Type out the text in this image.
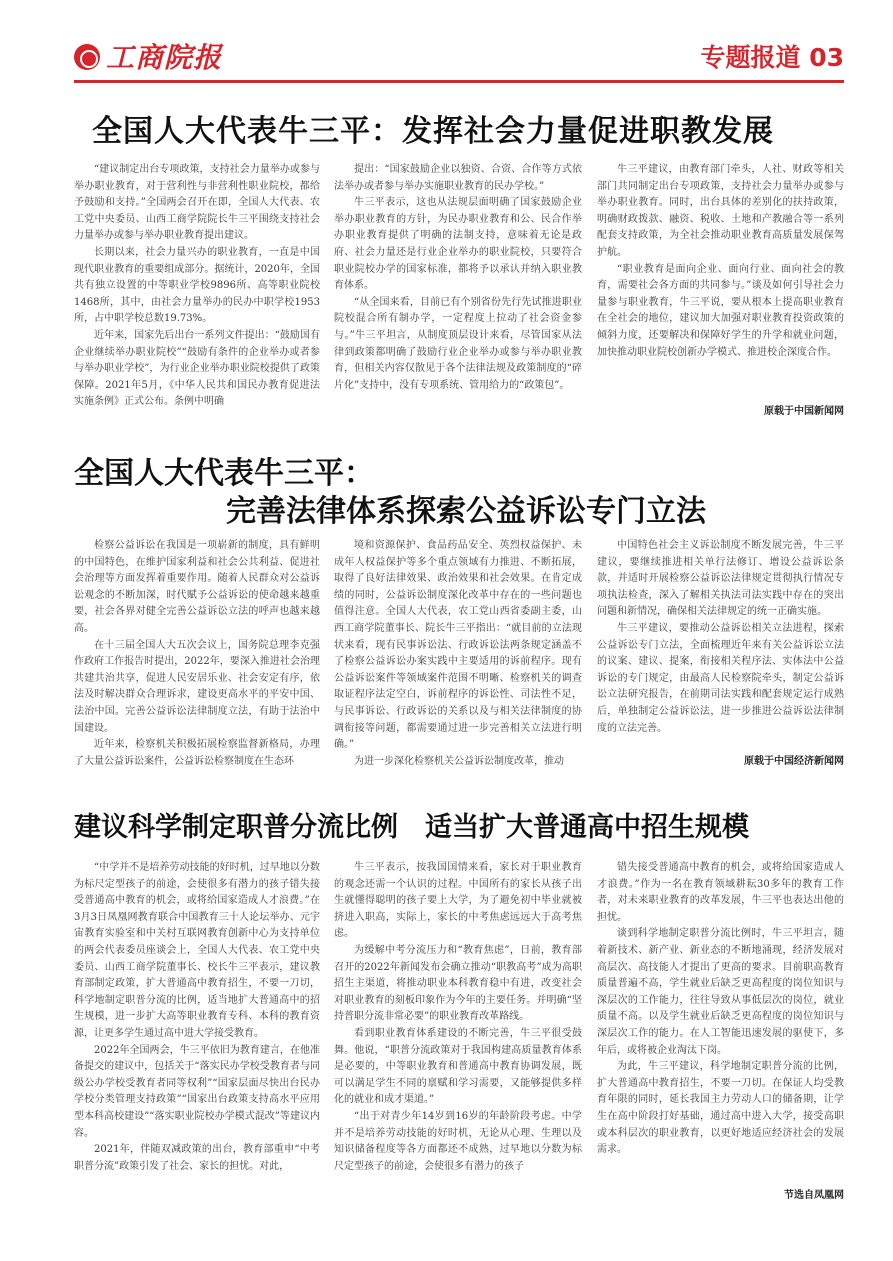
工商院报	专题报道 03
全国人大代表牛三平：发挥社会力量促进职教发展

“建议制定出台专项政策，支持社会力量举办或参与举办职业教育，对于营利性与非营利性职业院校，都给予鼓励和支持。”全国两会召开在即，全国人大代表、农工党中央委员、山西工商学院院长牛三平围绕支持社会力量举办或参与举办职业教育提出建议。

长期以来，社会力量兴办的职业教育，一直是中国现代职业教育的重要组成部分。据统计，2020年，全国共有独立设置的中等职业学校9896所、高等职业院校1468所，其中，由社会力量举办的民办中职学校1953所，占中职学校总数19.73%。

近年来，国家先后出台一系列文件提出：“鼓励国有企业继续举办职业院校”“鼓励有条件的企业举办或者参与举办职业学校”，为行业企业举办职业院校提供了政策保障。2021年5月，《中华人民共和国民办教育促进法实施条例》正式公布。条例中明确

提出：“国家鼓励企业以独资、合资、合作等方式依法举办或者参与举办实施职业教育的民办学校。”

牛三平表示，这也从法规层面明确了国家鼓励企业举办职业教育的方针，为民办职业教育和公、民合作举办职业教育提供了明确的法制支持，意味着无论是政府、社会力量还是行业企业举办的职业院校，只要符合职业院校办学的国家标准，都将予以承认并纳入职业教育体系。

“从全国来看，目前已有个别省份先行先试推进职业院校混合所有制办学，一定程度上拉动了社会资金参与。”牛三平坦言，从制度顶层设计来看，尽管国家从法律到政策都明确了鼓励行业企业举办或参与举办职业教育，但相关内容仅散见于各个法律法规及政策制度的“碎片化”支持中，没有专项系统、管用给力的“政策包”。

牛三平建议，由教育部门牵头，人社、财政等相关部门共同制定出台专项政策，支持社会力量举办或参与举办职业教育。同时，出台具体的差别化的扶持政策，明确财政拨款、融资、税收、土地和产教融合等一系列配套支持政策，为全社会推动职业教育高质量发展保驾护航。

“职业教育是面向企业、面向行业、面向社会的教育，需要社会各方面的共同参与。”谈及如何引导社会力量参与职业教育，牛三平说，要从根本上提高职业教育在全社会的地位，建议加大加强对职业教育投资政策的倾斜力度，还要解决和保障好学生的升学和就业问题，加快推动职业院校创新办学模式、推进校企深度合作。

原载于中国新闻网
全国人大代表牛三平：
完善法律体系探索公益诉讼专门立法

检察公益诉讼在我国是一项崭新的制度，具有鲜明的中国特色，在维护国家利益和社会公共利益、促进社会治理等方面发挥着重要作用。随着人民群众对公益诉讼观念的不断加深，时代赋予公益诉讼的使命越来越重要，社会各界对健全完善公益诉讼立法的呼声也越来越高。

在十三届全国人大五次会议上，国务院总理李克强作政府工作报告时提出，2022年，要深入推进社会治理共建共治共享，促进人民安居乐业、社会安定有序，依法及时解决群众合理诉求，建设更高水平的平安中国、法治中国。完善公益诉讼法律制度立法，有助于法治中国建设。

近年来，检察机关积极拓展检察监督新格局，办理了大量公益诉讼案件，公益诉讼检察制度在生态环

境和资源保护、食品药品安全、英烈权益保护、未成年人权益保护等多个重点领域有力推进、不断拓展，取得了良好法律效果、政治效果和社会效果。在肯定成绩的同时，公益诉讼制度深化改革中存在的一些问题也值得注意。全国人大代表，农工党山西省委副主委，山西工商学院董事长、院长牛三平指出：“就目前的立法现状来看，现有民事诉讼法、行政诉讼法两条规定涵盖不了检察公益诉讼办案实践中主要适用的诉前程序。现有公益诉讼案件等领域案件范围不明晰、检察机关的调查取证程序法定空白，诉前程序的诉讼性、司法性不足，与民事诉讼、行政诉讼的关系以及与相关法律制度的协调衔接等问题，都需要通过进一步完善相关立法进行明确。”

为进一步深化检察机关公益诉讼制度改革，推动

中国特色社会主义诉讼制度不断发展完善，牛三平建议，要继续推进相关单行法修订、增设公益诉讼条款，并适时开展检察公益诉讼法律规定贯彻执行情况专项执法检查，深入了解相关执法司法实践中存在的突出问题和新情况，确保相关法律规定的统一正确实施。

牛三平建议，要推动公益诉讼相关立法进程，探索公益诉讼专门立法，全面梳理近年来有关公益诉讼立法的议案、建议、提案，衔接相关程序法、实体法中公益诉讼的专门规定，由最高人民检察院牵头，制定公益诉讼立法研究报告，在前期司法实践和配套规定运行成熟后，单独制定公益诉讼法，进一步推进公益诉讼法律制度的立法完善。

原载于中国经济新闻网
建议科学制定职普分流比例　适当扩大普通高中招生规模

“中学并不是培养劳动技能的好时机，过早地以分数为标尺定型孩子的前途，会使很多有潜力的孩子错失接受普通高中教育的机会，或将给国家造成人才浪费。”在3月3日凤凰网教育联合中国教育三十人论坛举办、元宇宙教育实验室和中关村互联网教育创新中心为支持单位的两会代表委员座谈会上，全国人大代表、农工党中央委员、山西工商学院董事长、校长牛三平表示，建议教育部制定政策，扩大普通高中教育招生，不要一刀切，科学地制定职普分流的比例，适当地扩大普通高中的招生规模，进一步扩大高等职业教育专科、本科的教育资源，让更多学生通过高中进大学接受教育。

2022年全国两会，牛三平依旧为教育建言，在他准备提交的建议中，包括关于“落实民办学校受教育者与同级公办学校受教育者同等权利”“国家层面尽快出台民办学校分类管理支持政策”“国家出台政策支持高水平应用型本科高校建设”“落实职业院校办学模式混改”等建议内容。

2021年，伴随双减政策的出台，教育部重申“中考职普分流”政策引发了社会、家长的担忧。对此，

牛三平表示，按我国国情来看，家长对于职业教育的观念还需一个认识的过程。中国所有的家长从孩子出生就懂得聪明的孩子要上大学，为了避免初中毕业就被挤进入职高，实际上，家长的中考焦虑远远大于高考焦虑。

为缓解中考分流压力和“教育焦虑”，日前，教育部召开的2022年新闻发布会确立推动“职教高考”成为高职招生主渠道，将推动职业本科教育稳中有进，改变社会对职业教育的刻板印象作为今年的主要任务。并明确“坚持普职分流非常必要”的职业教育改革路线。

看到职业教育体系建设的不断完善，牛三平很受鼓舞。他说，“职普分流政策对于我国构建高质量教育体系是必要的，中等职业教育和普通高中教育协调发展，既可以满足学生不同的禀赋和学习需要，又能够提供多样化的就业和成才渠道。”

“出于对青少年14岁到16岁的年龄阶段考虑。中学并不是培养劳动技能的好时机，无论从心理、生理以及知识储备程度等各方面都还不成熟，过早地以分数为标尺定型孩子的前途，会使很多有潜力的孩子

错失接受普通高中教育的机会，或将给国家造成人才浪费。”作为一名在教育领域耕耘30多年的教育工作者，对未来职业教育的改革发展，牛三平也表达出他的担忧。

谈到科学地制定职普分流比例时，牛三平坦言，随着新技术、新产业、新业态的不断地涌现，经济发展对高层次、高技能人才提出了更高的要求。目前职高教育质量普遍不高，学生就业后缺乏更高程度的岗位知识与深层次的工作能力，往往导致从事低层次的岗位，就业质量不高。以及学生就业后缺乏更高程度的岗位知识与深层次工作的能力。在人工智能迅速发展的驱使下，多年后，或将被企业淘汰下岗。

为此，牛三平建议，科学地制定职普分流的比例，扩大普通高中教育招生，不要一刀切。在保证人均受教育年限的同时，延长我国主力劳动人口的储备期，让学生在高中阶段打好基础，通过高中进入大学，接受高职或本科层次的职业教育，以更好地适应经济社会的发展需求。

节选自凤凰网
